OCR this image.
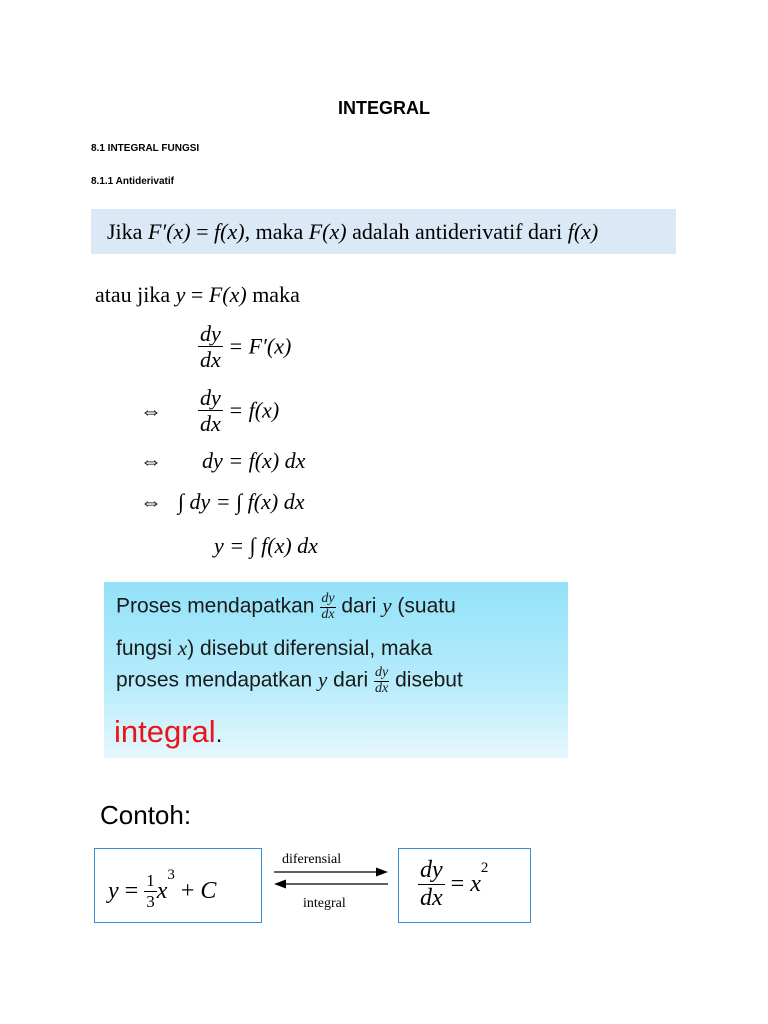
INTEGRAL
8.1 INTEGRAL FUNGSI
8.1.1 Antiderivatif
Jika F′(x) = f(x), maka F(x) adalah antiderivatif dari f(x)
atau jika y = F(x) maka
$\frac{dy}{dx} = F'(x)$
⇔ $\frac{dy}{dx} = f(x)$
⇔ dy = f(x) dx
⇔ ∫ dy = ∫ f(x) dx
y = ∫ f(x) dx
Proses mendapatkan $\frac{dy}{dx}$ dari y (suatu
fungsi x) disebut diferensial, maka
proses mendapatkan y dari $\frac{dy}{dx}$ disebut
integral.
Contoh:
$y = \frac{1}{3} x^3 + C$
diferensial
integral	$\frac{dy}{dx} = x^2$
